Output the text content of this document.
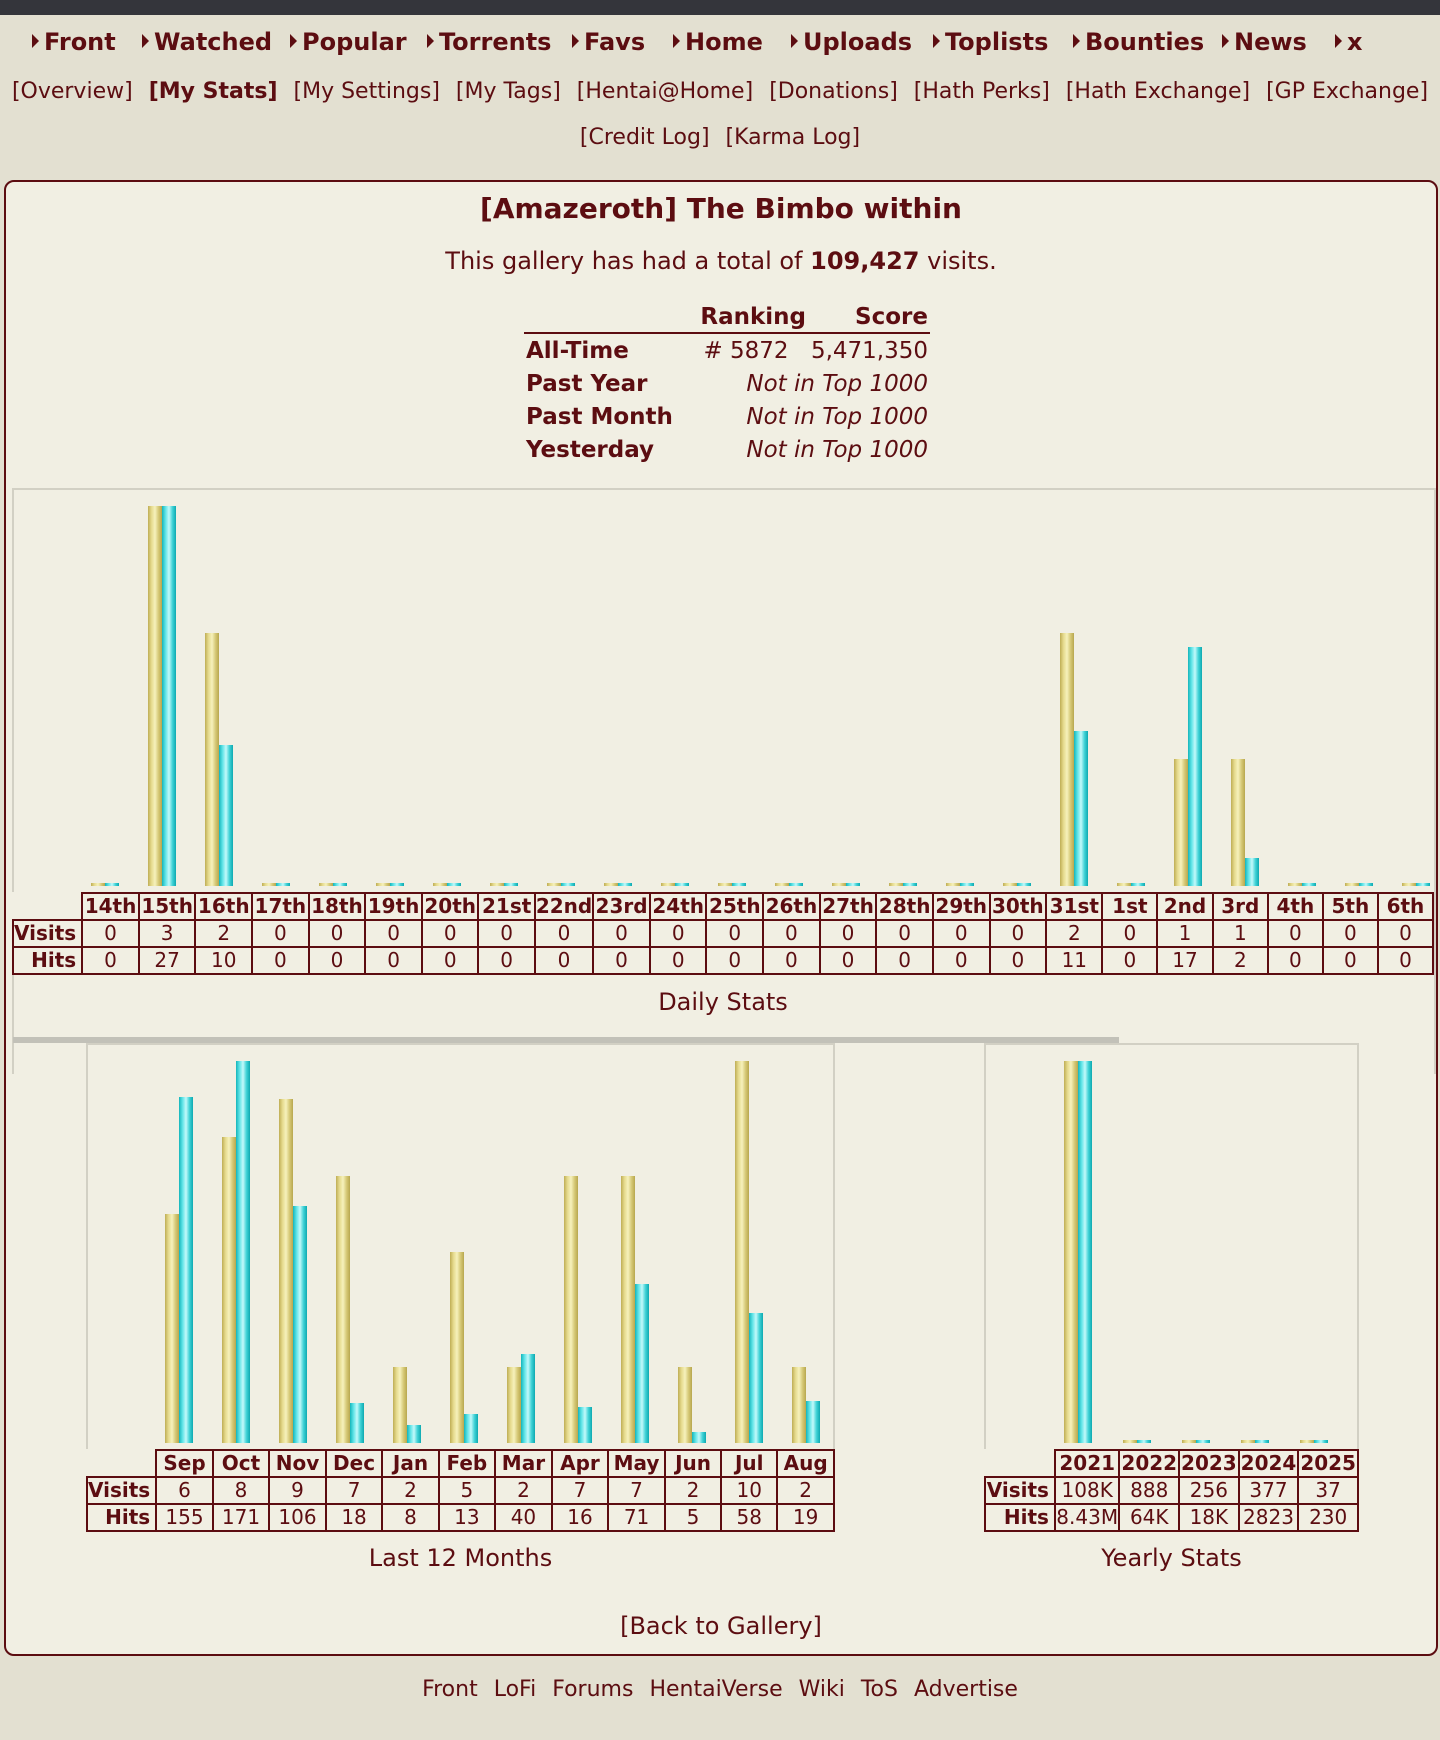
Front	Watched	Popular	Torrents	Favs	Home	Uploads	Toplists	Bounties	News	x
[Overview] [My Stats] [My Settings] [My Tags] [Hentai@Home] [Donations] [Hath Perks] [Hath Exchange] [GP Exchange]
[Credit Log] [Karma Log]
[Amazeroth] The Bimbo within
This gallery has had a total of 109,427 visits.
	Ranking	Score
All-Time	# 5872	5,471,350
Past Year	Not in Top 1000	
Past Month	Not in Top 1000	
Yesterday	Not in Top 1000	
	14th	15th	16th	17th	18th	19th	20th	21st	22nd	23rd	24th	25th	26th	27th	28th	29th	30th	31st	1st	2nd	3rd	4th	5th	6th
Visits	0	3	2	0	0	0	0	0	0	0	0	0	0	0	0	0	0	2	0	1	1	0	0	0
Hits	0	27	10	0	0	0	0	0	0	0	0	0	0	0	0	0	0	11	0	17	2	0	0	0
Daily Stats
	Sep	Oct	Nov	Dec	Jan	Feb	Mar	Apr	May	Jun	Jul	Aug
Visits	6	8	9	7	2	5	2	7	7	2	10	2
Hits	155	171	106	18	8	13	40	16	71	5	58	19
Last 12 Months
	2021	2022	2023	2024	2025
Visits	108K	888	256	377	37
Hits	8.43M	64K	18K	2823	230
Yearly Stats
[Back to Gallery]
Front LoFi Forums HentaiVerse Wiki ToS Advertise
